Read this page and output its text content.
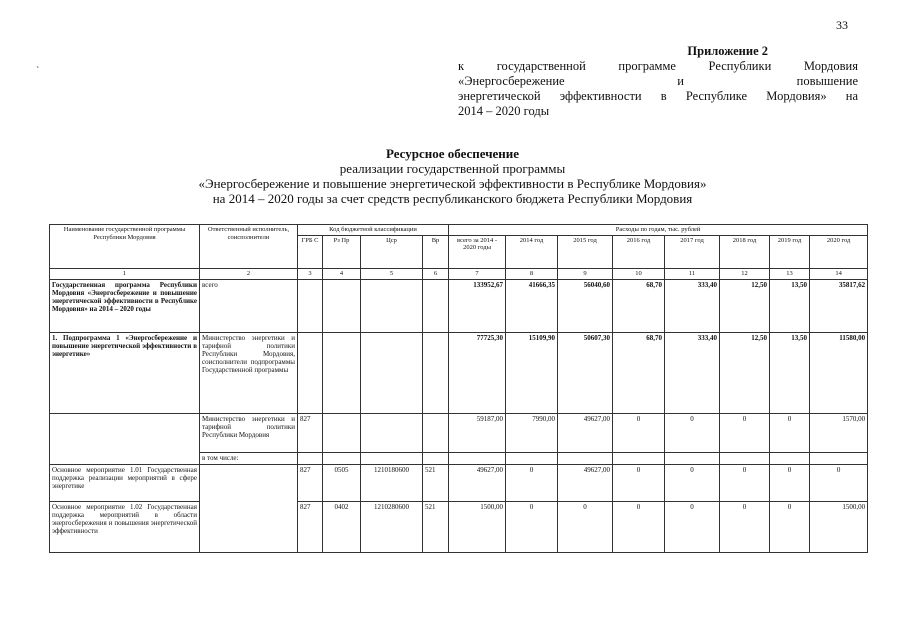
33
`
Приложение 2
к государственной программе Республики Мордовия
«Энергосбережение и повышение
энергетической эффективности в Республике Мордовия» на
2014 – 2020 годы
Ресурсное обеспечение
реализации государственной программы
«Энергосбережение и повышение энергетической эффективности в Республике Мордовия»
на 2014 – 2020 годы за счет средств республиканского бюджета Республики Мордовия
Наименование государственной программы Республики Мордовия	Ответственный исполнитель, соисполнители	Код бюджетной классификации				Расходы по годам, тыс. рублей							
		ГРБ С	Рз Пр	Цср	Вр	всего за 2014 - 2020 годы	2014 год	2015 год	2016 год	2017 год	2018 год	2019 год	2020 год
1	2	3	4	5	6	7	8	9	10	11	12	13	14
Государственная программа Республики Мордовия «Энергосбережение и повышение энергетической эффективности в Республике Мордовия» на 2014 – 2020 годы	всего					133952,67	41666,35	56040,60	68,70	333,40	12,50	13,50	35817,62
1. Подпрограмма 1 «Энергосбережение и повышение энергетической эффективности в энергетике»	Министерство энергетики и тарифной политики Республики Мордовия, соисполнители подпрограммы Государственной программы					77725,30	15109,90	50607,30	68,70	333,40	12,50	13,50	11580,00
	Министерство энергетики и тарифной политики Республики Мордовия	827				59187,00	7990,00	49627,00	0	0	0	0	1570,00
	в том числе:												
Основное мероприятие 1.01 Государственная поддержка реализации мероприятий в сфере энергетике		827	0505	1210180600	521	49627,00	0	49627,00	0	0	0	0	0
Основное мероприятие 1.02 Государственная поддержка мероприятий в области энергосбережения и повышения энергетической эффективности		827	0402	1210280600	521	1500,00	0	0	0	0	0	0	1500,00
